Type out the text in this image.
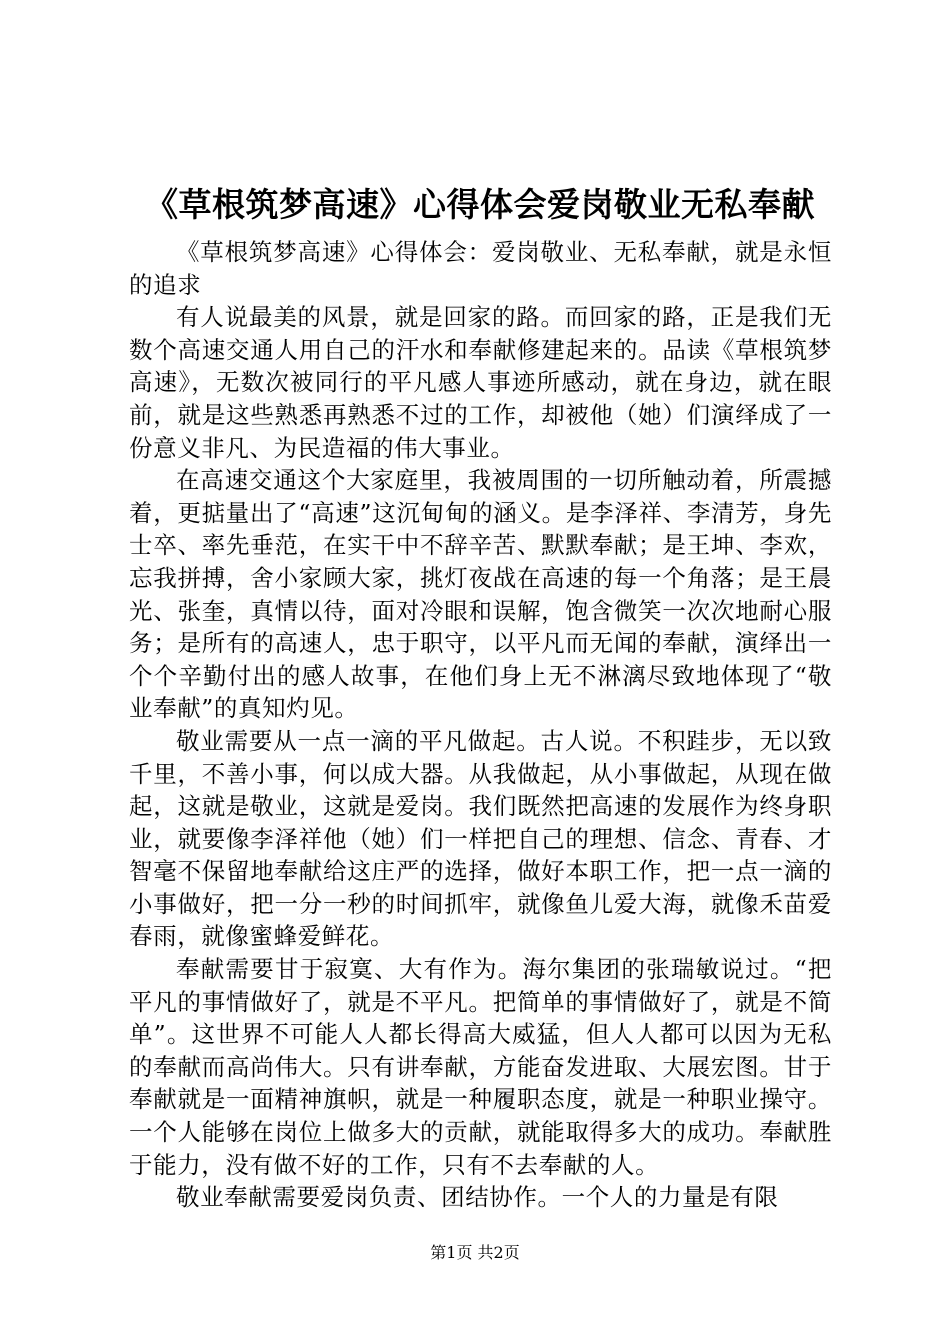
《草根筑梦高速》心得体会爱岗敬业无私奉献

《草根筑梦高速》心得体会：爱岗敬业、无私奉献，就是永恒的追求

有人说最美的风景，就是回家的路。而回家的路，正是我们无数个高速交通人用自己的汗水和奉献修建起来的。品读《草根筑梦高速》，无数次被同行的平凡感人事迹所感动，就在身边，就在眼前，就是这些熟悉再熟悉不过的工作，却被他（她）们演绎成了一份意义非凡、为民造福的伟大事业。

在高速交通这个大家庭里，我被周围的一切所触动着，所震撼着，更掂量出了“高速”这沉甸甸的涵义。是李泽祥、李清芳，身先士卒、率先垂范，在实干中不辞辛苦、默默奉献；是王坤、李欢，忘我拼搏，舍小家顾大家，挑灯夜战在高速的每一个角落；是王晨光、张奎，真情以待，面对冷眼和误解，饱含微笑一次次地耐心服务；是所有的高速人，忠于职守，以平凡而无闻的奉献，演绎出一个个辛勤付出的感人故事，在他们身上无不淋漓尽致地体现了“敬业奉献”的真知灼见。

敬业需要从一点一滴的平凡做起。古人说。不积跬步，无以致千里，不善小事，何以成大器。从我做起，从小事做起，从现在做起，这就是敬业，这就是爱岗。我们既然把高速的发展作为终身职业，就要像李泽祥他（她）们一样把自己的理想、信念、青春、才智毫不保留地奉献给这庄严的选择，做好本职工作，把一点一滴的小事做好，把一分一秒的时间抓牢，就像鱼儿爱大海，就像禾苗爱春雨，就像蜜蜂爱鲜花。

奉献需要甘于寂寞、大有作为。海尔集团的张瑞敏说过。“把平凡的事情做好了，就是不平凡。把简单的事情做好了，就是不简单”。这世界不可能人人都长得高大威猛，但人人都可以因为无私的奉献而高尚伟大。只有讲奉献，方能奋发进取、大展宏图。甘于奉献就是一面精神旗帜，就是一种履职态度，就是一种职业操守。一个人能够在岗位上做多大的贡献，就能取得多大的成功。奉献胜于能力，没有做不好的工作，只有不去奉献的人。

敬业奉献需要爱岗负责、团结协作。一个人的力量是有限

第1页 共2页
